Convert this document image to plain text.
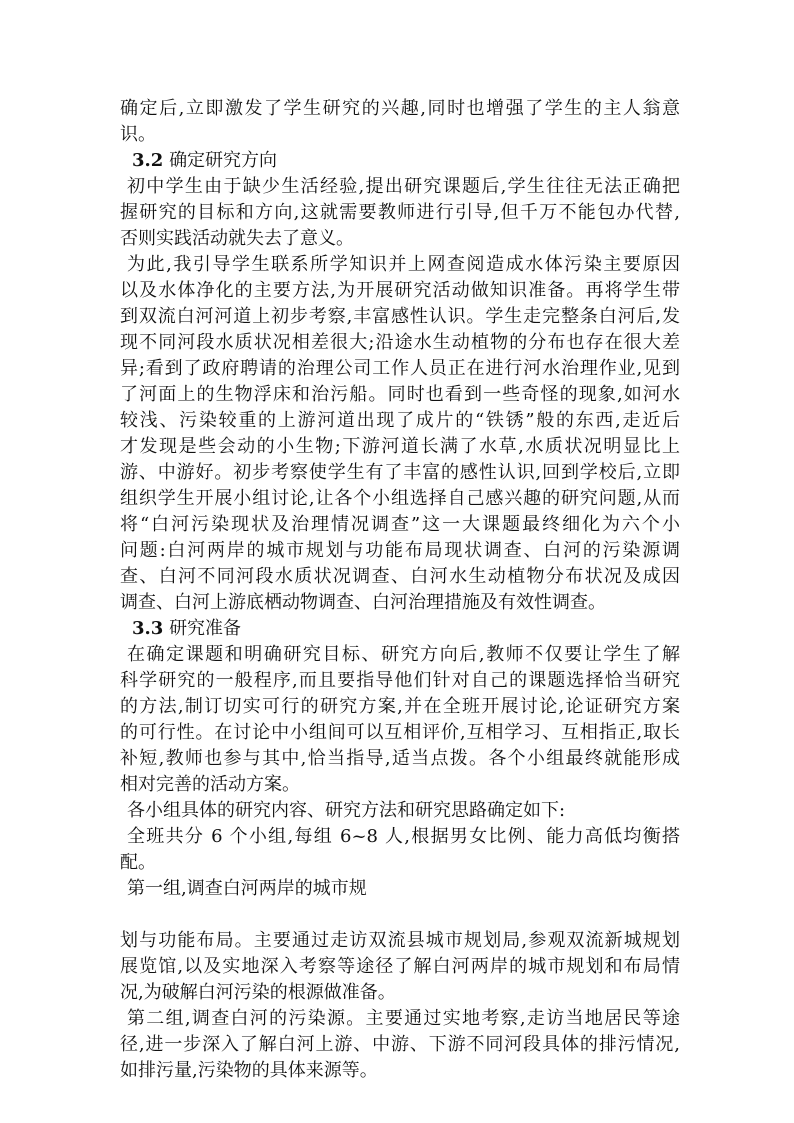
确定后,立即激发了学生研究的兴趣,同时也增强了学生的主人翁意
识。
3.2 确定研究方向
初中学生由于缺少生活经验,提出研究课题后,学生往往无法正确把
握研究的目标和方向,这就需要教师进行引导,但千万不能包办代替,
否则实践活动就失去了意义。
为此,我引导学生联系所学知识并上网查阅造成水体污染主要原因
以及水体净化的主要方法,为开展研究活动做知识准备。再将学生带
到双流白河河道上初步考察,丰富感性认识。学生走完整条白河后,发
现不同河段水质状况相差很大;沿途水生动植物的分布也存在很大差
异;看到了政府聘请的治理公司工作人员正在进行河水治理作业,见到
了河面上的生物浮床和治污船。同时也看到一些奇怪的现象,如河水
较浅、污染较重的上游河道出现了成片的“铁锈”般的东西,走近后
才发现是些会动的小生物;下游河道长满了水草,水质状况明显比上
游、中游好。初步考察使学生有了丰富的感性认识,回到学校后,立即
组织学生开展小组讨论,让各个小组选择自己感兴趣的研究问题,从而
将“白河污染现状及治理情况调查”这一大课题最终细化为六个小
问题:白河两岸的城市规划与功能布局现状调查、白河的污染源调
查、白河不同河段水质状况调查、白河水生动植物分布状况及成因
调查、白河上游底栖动物调查、白河治理措施及有效性调查。
3.3 研究准备
在确定课题和明确研究目标、研究方向后,教师不仅要让学生了解
科学研究的一般程序,而且要指导他们针对自己的课题选择恰当研究
的方法,制订切实可行的研究方案,并在全班开展讨论,论证研究方案
的可行性。在讨论中小组间可以互相评价,互相学习、互相指正,取长
补短,教师也参与其中,恰当指导,适当点拨。各个小组最终就能形成
相对完善的活动方案。
各小组具体的研究内容、研究方法和研究思路确定如下:
全班共分 6 个小组,每组 6~8 人,根据男女比例、能力高低均衡搭
配。
第一组,调查白河两岸的城市规
划与功能布局。主要通过走访双流县城市规划局,参观双流新城规划
展览馆,以及实地深入考察等途径了解白河两岸的城市规划和布局情
况,为破解白河污染的根源做准备。
第二组,调查白河的污染源。主要通过实地考察,走访当地居民等途
径,进一步深入了解白河上游、中游、下游不同河段具体的排污情况,
如排污量,污染物的具体来源等。
